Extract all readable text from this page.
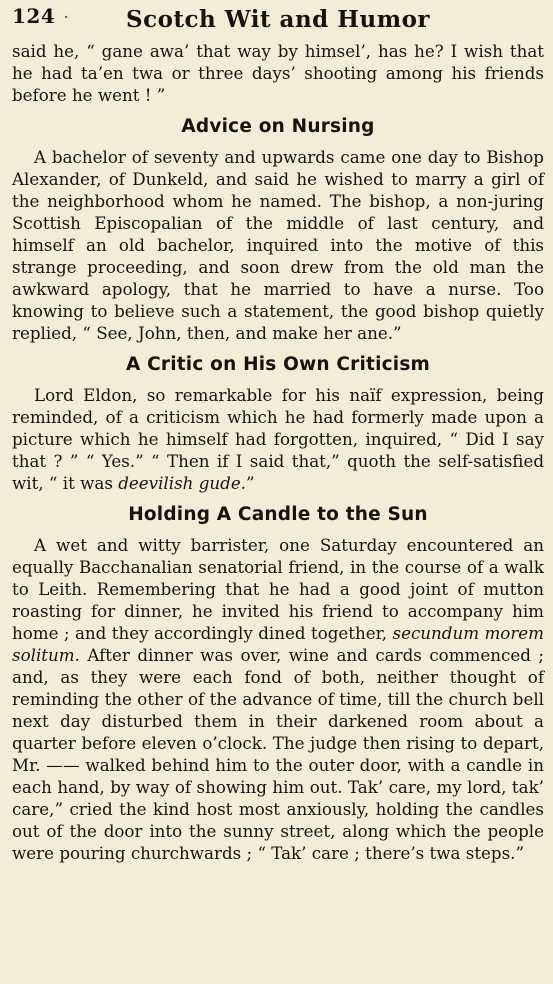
124 ·	Scotch Wit and Humor

said he, “ gane awa’ that way by himsel’, has he? I wish that he had ta’en twa or three days’ shooting among his friends before he went ! ”

Advice on Nursing

A bachelor of seventy and upwards came one day to Bishop Alexander, of Dunkeld, and said he wished to marry a girl of the neighborhood whom he named. The bishop, a non-juring Scottish Episcopalian of the middle of last century, and himself an old bachelor, inquired into the motive of this strange proceeding, and soon drew from the old man the awkward apology, that he married to have a nurse. Too knowing to believe such a statement, the good bishop quietly replied, “ See, John, then, and make her ane.”

A Critic on His Own Criticism

Lord Eldon, so remarkable for his naïf expression, being reminded, of a criticism which he had formerly made upon a picture which he himself had forgotten, inquired, “ Did I say that ? ” “ Yes.” “ Then if I said that,” quoth the self-satisfied wit, “ it was deevilish gude.”

Holding A Candle to the Sun

A wet and witty barrister, one Saturday encountered an equally Bacchanalian senatorial friend, in the course of a walk to Leith. Remembering that he had a good joint of mutton roasting for dinner, he invited his friend to accompany him home ; and they accordingly dined together, secundum morem solitum. After dinner was over, wine and cards commenced ; and, as they were each fond of both, neither thought of reminding the other of the advance of time, till the church bell next day disturbed them in their darkened room about a quarter before eleven o’clock. The judge then rising to depart, Mr. —— walked behind him to the outer door, with a candle in each hand, by way of showing him out. Tak’ care, my lord, tak’ care,” cried the kind host most anxiously, holding the candles out of the door into the sunny street, along which the people were pouring churchwards ; “ Tak’ care ; there’s twa steps.”
